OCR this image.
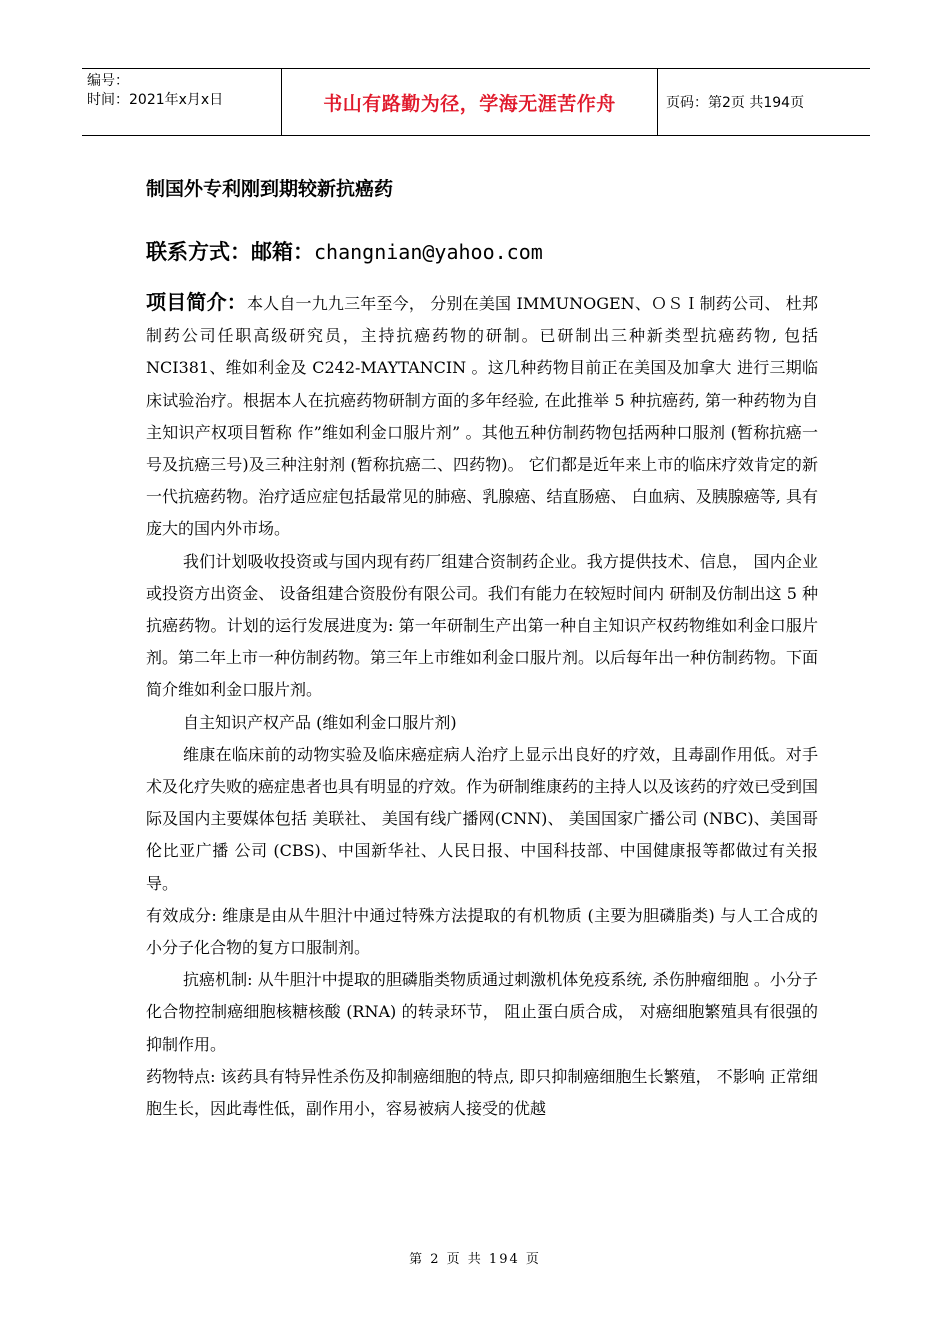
编号：
时间：2021年x月x日	书山有路勤为径，学海无涯苦作舟	页码：第2页 共194页
制国外专利刚到期较新抗癌药
联系方式：邮箱：changnian@yahoo.com

项目简介：本人自一九九三年至今， 分别在美国 IMMUNOGEN、ＯＳＩ制药公司、 杜邦 制药公司任职高级研究员，主持抗癌药物的研制。已研制出三种新类型抗癌药物, 包括NCI381、维如利金及 C242-MAYTANCIN 。这几种药物目前正在美国及加拿大 进行三期临床试验治疗。根据本人在抗癌药物研制方面的多年经验, 在此推举 5 种抗癌药, 第一种药物为自主知识产权项目暂称 作”维如利金口服片剂” 。其他五种仿制药物包括两种口服剂 (暂称抗癌一号及抗癌三号)及三种注射剂 (暂称抗癌二、四药物)。 它们都是近年来上市的临床疗效肯定的新一代抗癌药物。治疗适应症包括最常见的肺癌、乳腺癌、结直肠癌、 白血病、及胰腺癌等, 具有庞大的国内外市场。

我们计划吸收投资或与国内现有药厂组建合资制药企业。我方提供技术、信息， 国内企业或投资方出资金、 设备组建合资股份有限公司。我们有能力在较短时间内 研制及仿制出这 5 种抗癌药物。计划的运行发展进度为: 第一年研制生产出第一种自主知识产权药物维如利金口服片剂。第二年上市一种仿制药物。第三年上市维如利金口服片剂。以后每年出一种仿制药物。下面简介维如利金口服片剂。

自主知识产权产品 (维如利金口服片剂)

维康在临床前的动物实验及临床癌症病人治疗上显示出良好的疗效，且毒副作用低。对手术及化疗失败的癌症患者也具有明显的疗效。作为研制维康药的主持人以及该药的疗效已受到国际及国内主要媒体包括 美联社、 美国有线广播网(CNN)、 美国国家广播公司 (NBC)、美国哥伦比亚广播 公司 (CBS)、中国新华社、人民日报、中国科技部、中国健康报等都做过有关报导。

有效成分: 维康是由从牛胆汁中通过特殊方法提取的有机物质 (主要为胆磷脂类) 与人工合成的小分子化合物的复方口服制剂。

抗癌机制: 从牛胆汁中提取的胆磷脂类物质通过刺激机体免疫系统, 杀伤肿瘤细胞 。小分子化合物控制癌细胞核糖核酸 (RNA) 的转录环节， 阻止蛋白质合成， 对癌细胞繁殖具有很强的抑制作用。

药物特点: 该药具有特异性杀伤及抑制癌细胞的特点, 即只抑制癌细胞生长繁殖， 不影响 正常细胞生长，因此毒性低，副作用小，容易被病人接受的优越

第 2 页 共 194 页
